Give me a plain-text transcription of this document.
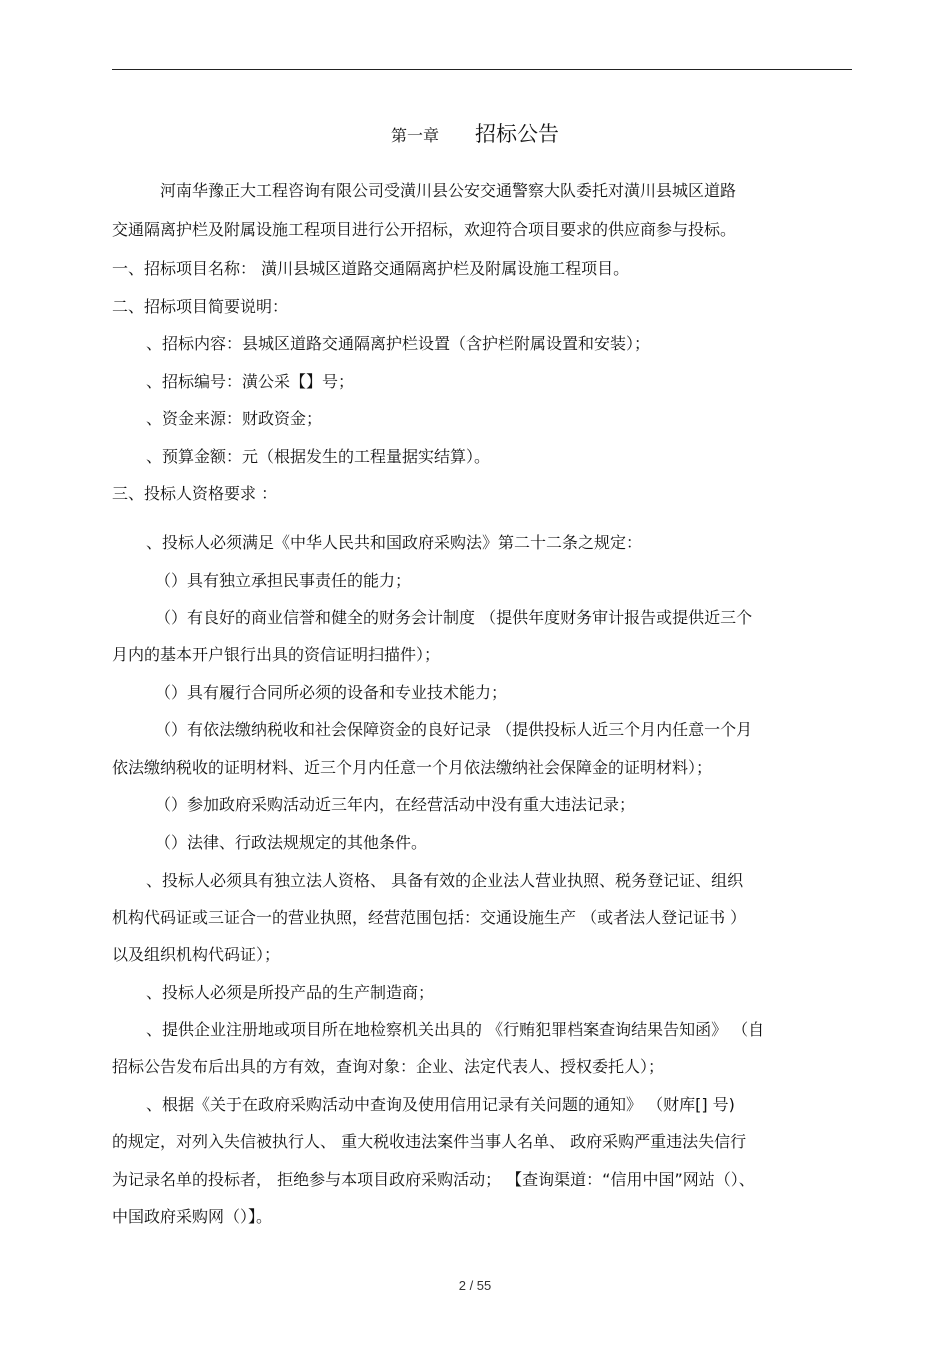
第一章 招标公告
河南华豫正大工程咨询有限公司受潢川县公安交通警察大队委托对潢川县城区道路
交通隔离护栏及附属设施工程项目进行公开招标，欢迎符合项目要求的供应商参与投标。
一、招标项目名称： 潢川县城区道路交通隔离护栏及附属设施工程项目。
二、招标项目简要说明：
、招标内容：县城区道路交通隔离护栏设置（含护栏附属设置和安装）；
、招标编号：潢公采【】号；
、资金来源：财政资金；
、预算金额：元（根据发生的工程量据实结算）。
三、投标人资格要求 ：
、投标人必须满足《中华人民共和国政府采购法》第二十二条之规定：
（）具有独立承担民事责任的能力；
（）有良好的商业信誉和健全的财务会计制度 （提供年度财务审计报告或提供近三个
月内的基本开户银行出具的资信证明扫描件）；
（）具有履行合同所必须的设备和专业技术能力；
（）有依法缴纳税收和社会保障资金的良好记录 （提供投标人近三个月内任意一个月
依法缴纳税收的证明材料、近三个月内任意一个月依法缴纳社会保障金的证明材料）；
（）参加政府采购活动近三年内，在经营活动中没有重大违法记录；
（）法律、行政法规规定的其他条件。
、投标人必须具有独立法人资格、 具备有效的企业法人营业执照、税务登记证、组织
机构代码证或三证合一的营业执照，经营范围包括：交通设施生产 （或者法人登记证书 ）
以及组织机构代码证）；
、投标人必须是所投产品的生产制造商；
、提供企业注册地或项目所在地检察机关出具的 《行贿犯罪档案查询结果告知函》 （自
招标公告发布后出具的方有效，查询对象：企业、法定代表人、授权委托人）；
、根据《关于在政府采购活动中查询及使用信用记录有关问题的通知》 （财库[] 号)
的规定，对列入失信被执行人、 重大税收违法案件当事人名单、 政府采购严重违法失信行
为记录名单的投标者， 拒绝参与本项目政府采购活动； 【查询渠道：“信用中国”网站（）、
中国政府采购网（）】。
2 / 55
